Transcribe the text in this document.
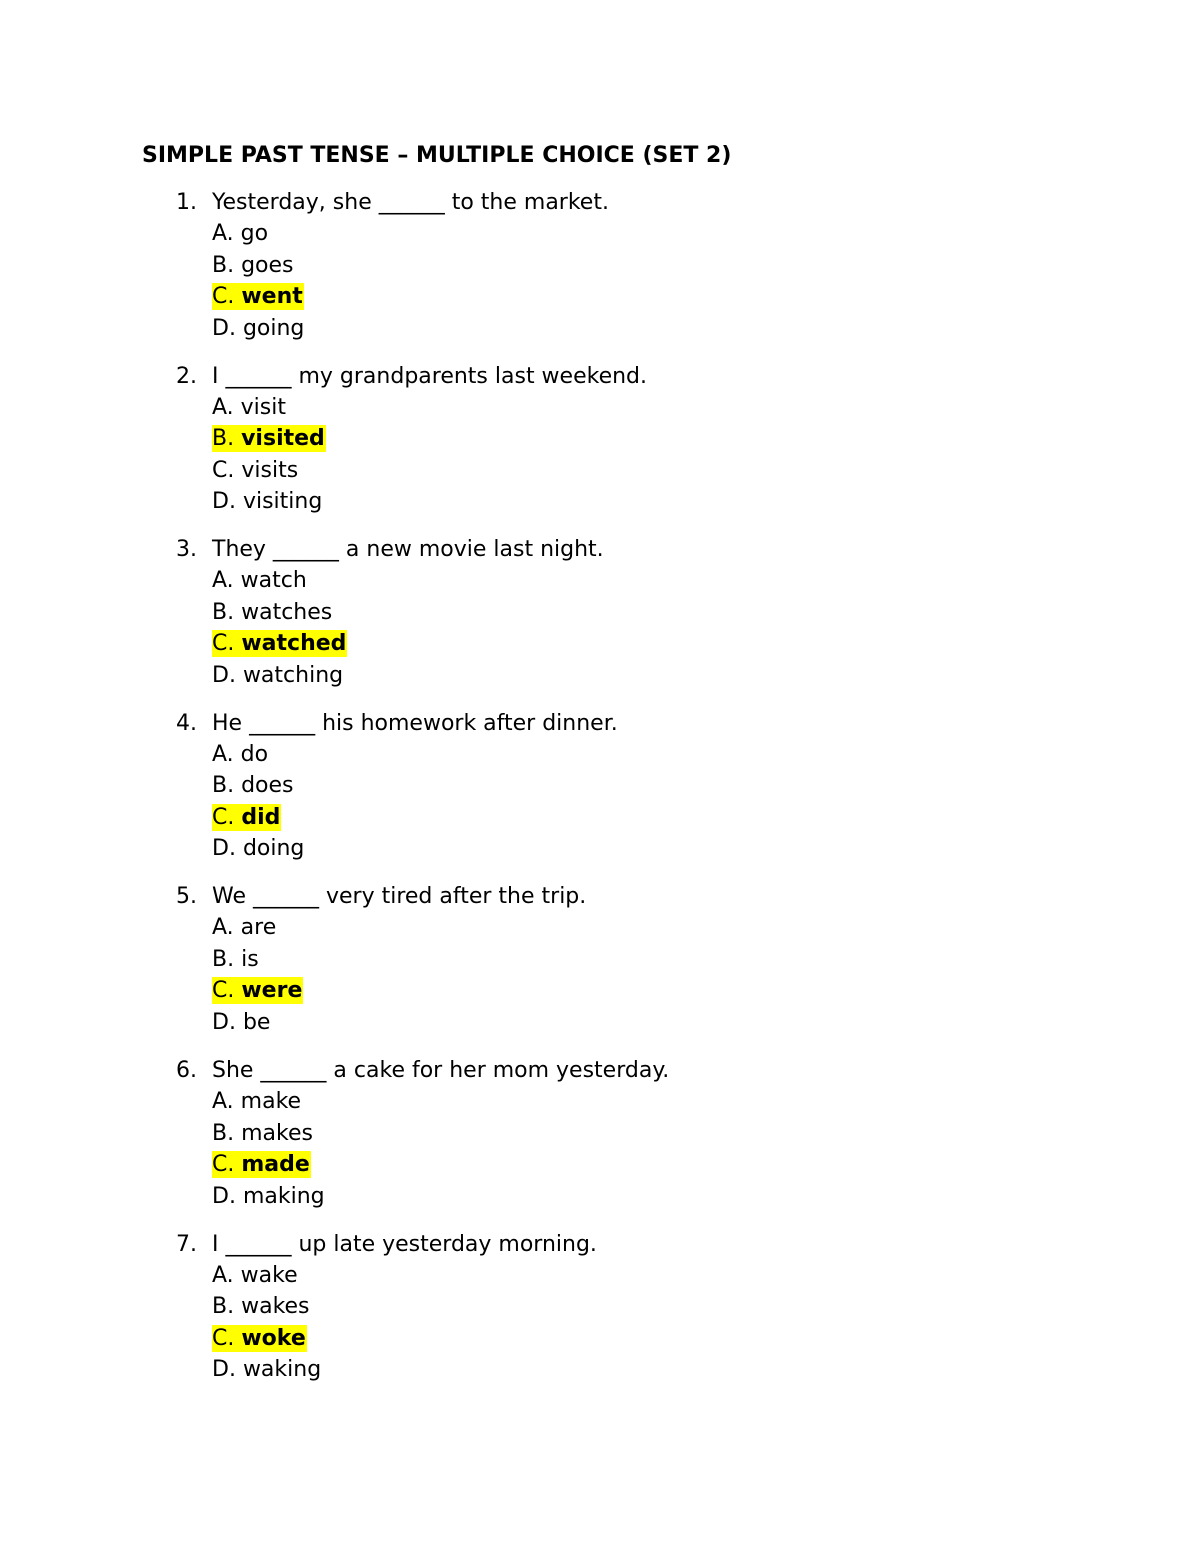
SIMPLE PAST TENSE – MULTIPLE CHOICE (SET 2)
1. Yesterday, she ______ to the market.
A. go
B. goes
C. went
D. going
2. I ______ my grandparents last weekend.
A. visit
B. visited
C. visits
D. visiting
3. They ______ a new movie last night.
A. watch
B. watches
C. watched
D. watching
4. He ______ his homework after dinner.
A. do
B. does
C. did
D. doing
5. We ______ very tired after the trip.
A. are
B. is
C. were
D. be
6. She ______ a cake for her mom yesterday.
A. make
B. makes
C. made
D. making
7. I ______ up late yesterday morning.
A. wake
B. wakes
C. woke
D. waking
